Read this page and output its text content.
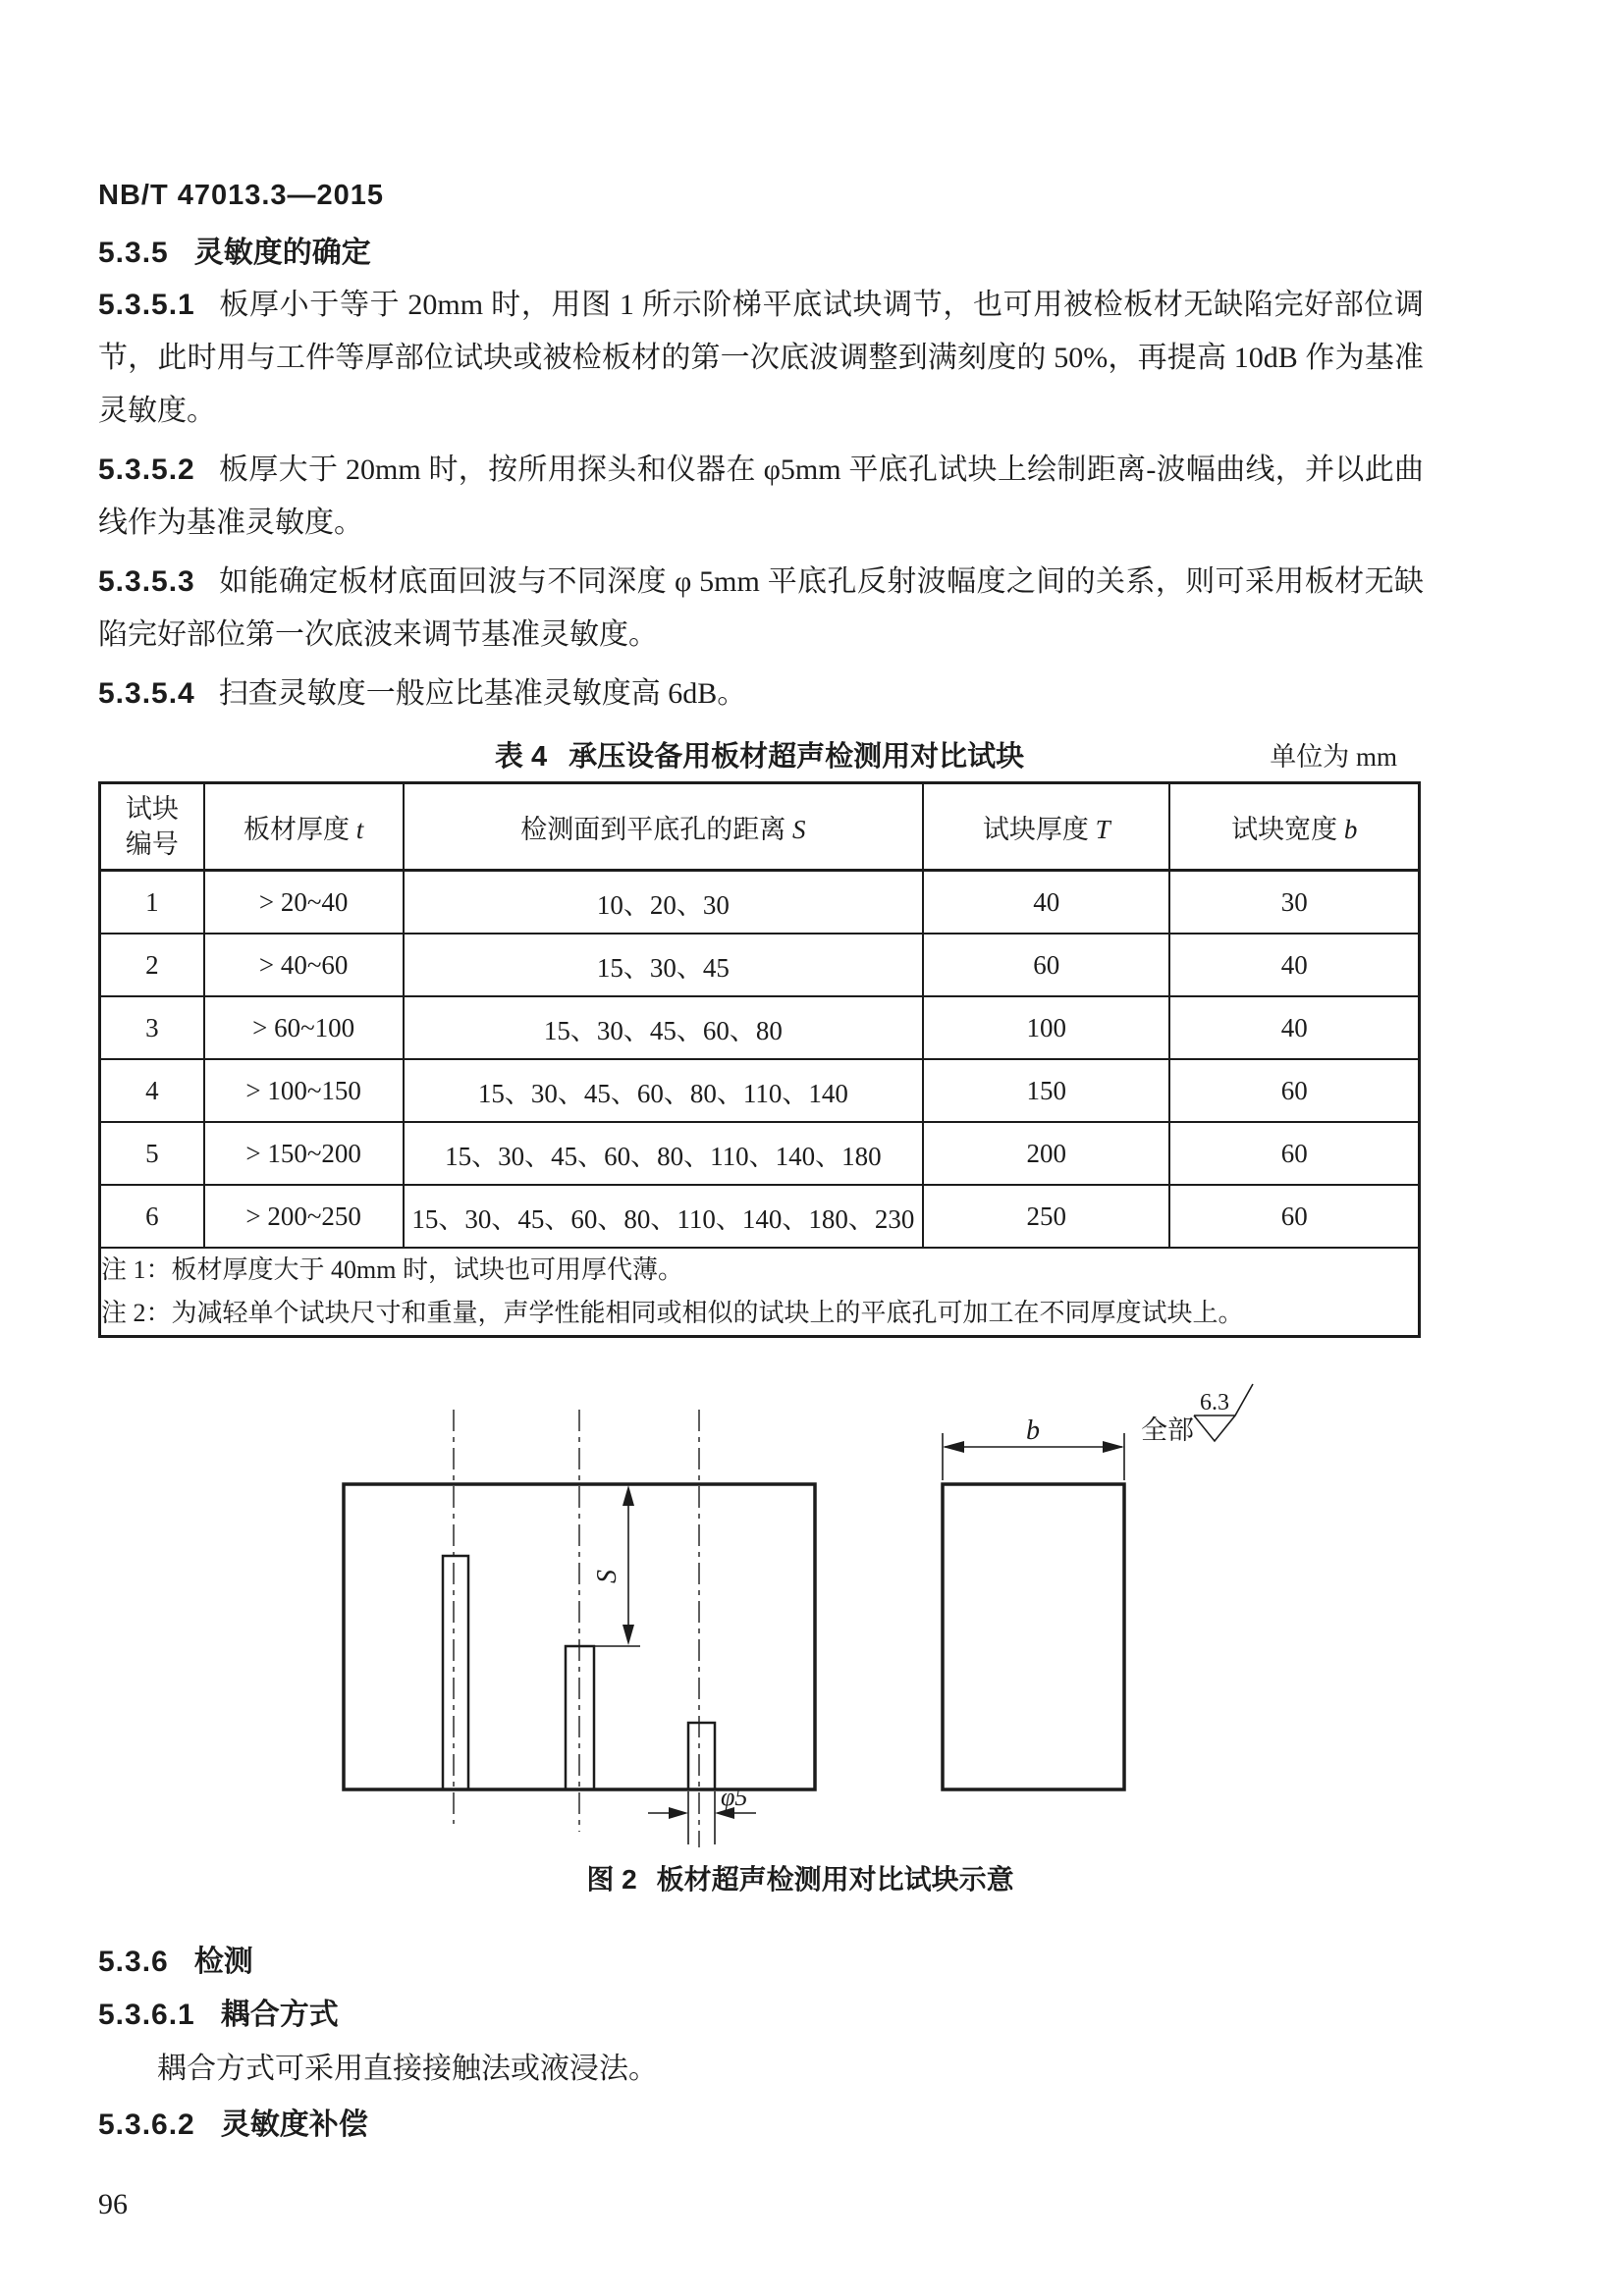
NB/T 47013.3—2015
5.3.5 灵敏度的确定

5.3.5.1 板厚小于等于 20mm 时，用图 1 所示阶梯平底试块调节，也可用被检板材无缺陷完好部位调节，此时用与工件等厚部位试块或被检板材的第一次底波调整到满刻度的 50%，再提高 10dB 作为基准灵敏度。

5.3.5.2 板厚大于 20mm 时，按所用探头和仪器在 φ5mm 平底孔试块上绘制距离-波幅曲线，并以此曲线作为基准灵敏度。

5.3.5.3 如能确定板材底面回波与不同深度 φ 5mm 平底孔反射波幅度之间的关系，则可采用板材无缺陷完好部位第一次底波来调节基准灵敏度。

5.3.5.4 扫查灵敏度一般应比基准灵敏度高 6dB。

表 4 承压设备用板材超声检测用对比试块	单位为 mm
试块编号	板材厚度 t	检测面到平底孔的距离 S	试块厚度 T	试块宽度 b
1	> 20~40	10、20、30	40	30
2	> 40~60	15、30、45	60	40
3	> 60~100	15、30、45、60、80	100	40
4	> 100~150	15、30、45、60、80、110、140	150	60
5	> 150~200	15、30、45、60、80、110、140、180	200	60
6	> 200~250	15、30、45、60、80、110、140、180、230	250	60

注 1：板材厚度大于 40mm 时，试块也可用厚代薄。
注 2：为减轻单个试块尺寸和重量，声学性能相同或相似的试块上的平底孔可加工在不同厚度试块上。				
S
φ5
b	全部
6.3
图 2 板材超声检测用对比试块示意
5.3.6 检测
5.3.6.1 耦合方式

耦合方式可采用直接接触法或液浸法。

5.3.6.2 灵敏度补偿
96
